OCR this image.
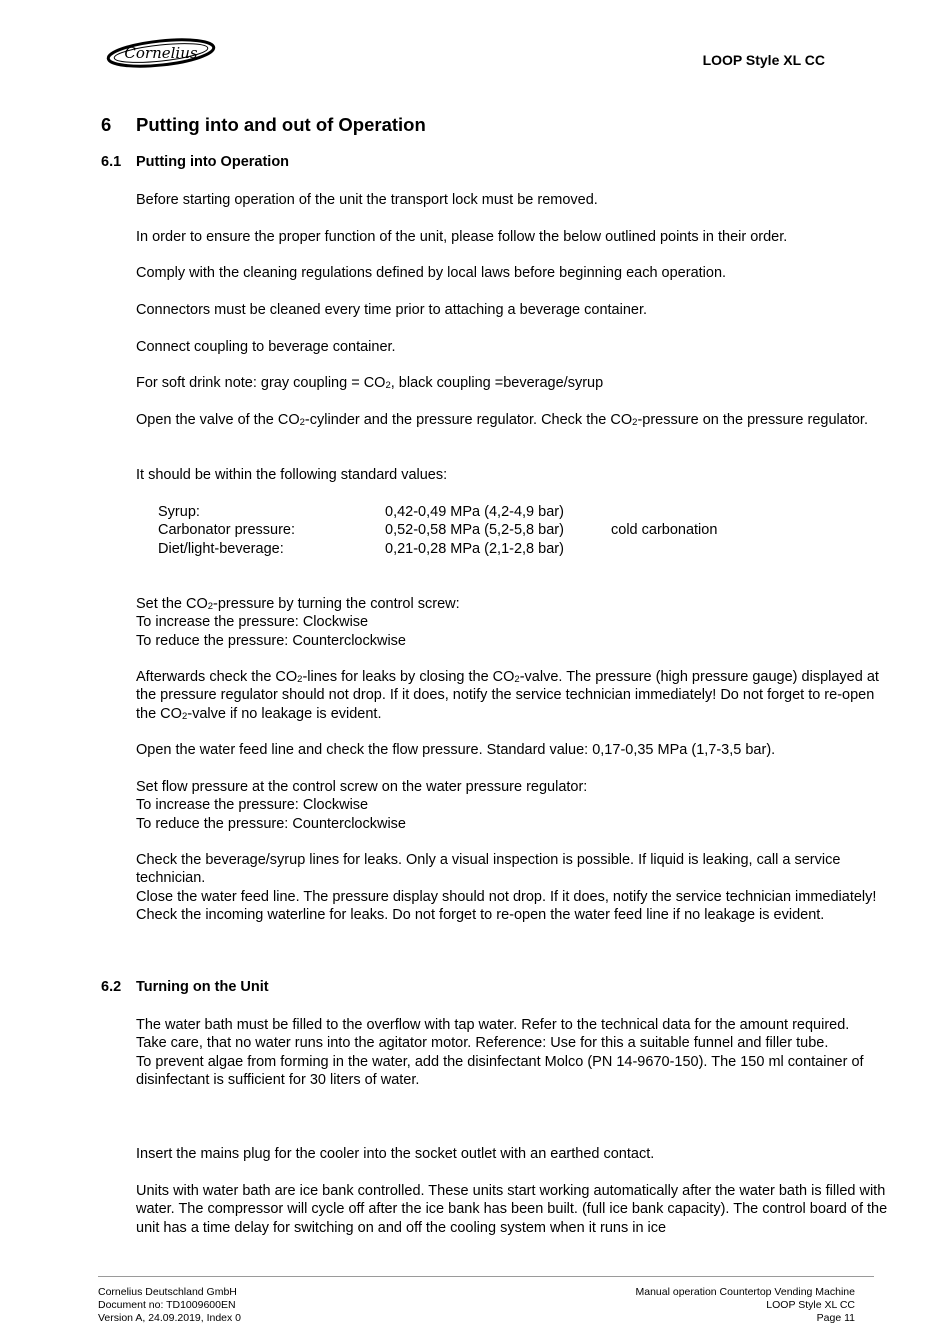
Cornelius	LOOP Style XL CC
6 Putting into and out of Operation
6.1 Putting into Operation
Before starting operation of the unit the transport lock must be removed.
In order to ensure the proper function of the unit, please follow the below outlined points in their order.
Comply with the cleaning regulations defined by local laws before beginning each operation.
Connectors must be cleaned every time prior to attaching a beverage container.
Connect coupling to beverage container.
For soft drink note: gray coupling = $CO_2$, black coupling =beverage/syrup
Open the valve of the $CO_2$-cylinder and the pressure regulator. Check the $CO_2$-pressure on the pressure regulator.
It should be within the following standard values:
Syrup:	0,42-0,49 MPa (4,2-4,9 bar)
Carbonator pressure:	0,52-0,58 MPa (5,2-5,8 bar)	cold carbonation
Diet/light-beverage:	0,21-0,28 MPa (2,1-2,8 bar)
Set the $CO_2$-pressure by turning the control screw:
To increase the pressure: Clockwise
To reduce the pressure: Counterclockwise
Afterwards check the $CO_2$-lines for leaks by closing the $CO_2$-valve. The pressure (high pressure gauge) displayed at the pressure regulator should not drop. If it does, notify the service technician immediately! Do not forget to re-open the $CO_2$-valve if no leakage is evident.
Open the water feed line and check the flow pressure. Standard value: 0,17-0,35 MPa (1,7-3,5 bar).
Set flow pressure at the control screw on the water pressure regulator:
To increase the pressure: Clockwise
To reduce the pressure: Counterclockwise
Check the beverage/syrup lines for leaks. Only a visual inspection is possible. If liquid is leaking, call a service technician.
Close the water feed line. The pressure display should not drop. If it does, notify the service technician immediately! Check the incoming waterline for leaks. Do not forget to re-open the water feed line if no leakage is evident.
6.2 Turning on the Unit
The water bath must be filled to the overflow with tap water. Refer to the technical data for the amount required.
Take care, that no water runs into the agitator motor. Reference: Use for this a suitable funnel and filler tube.
To prevent algae from forming in the water, add the disinfectant Molco (PN 14-9670-150). The 150 ml container of disinfectant is sufficient for 30 liters of water.
Insert the mains plug for the cooler into the socket outlet with an earthed contact.
Units with water bath are ice bank controlled. These units start working automatically after the water bath is filled with water. The compressor will cycle off after the ice bank has been built. (full ice bank capacity). The control board of the unit has a time delay for switching on and off the cooling system when it runs in ice
Cornelius Deutschland GmbH
Document no: TD1009600EN
Version A, 24.09.2019, Index 0
Manual operation Countertop Vending Machine
LOOP Style XL CC
Page 11
